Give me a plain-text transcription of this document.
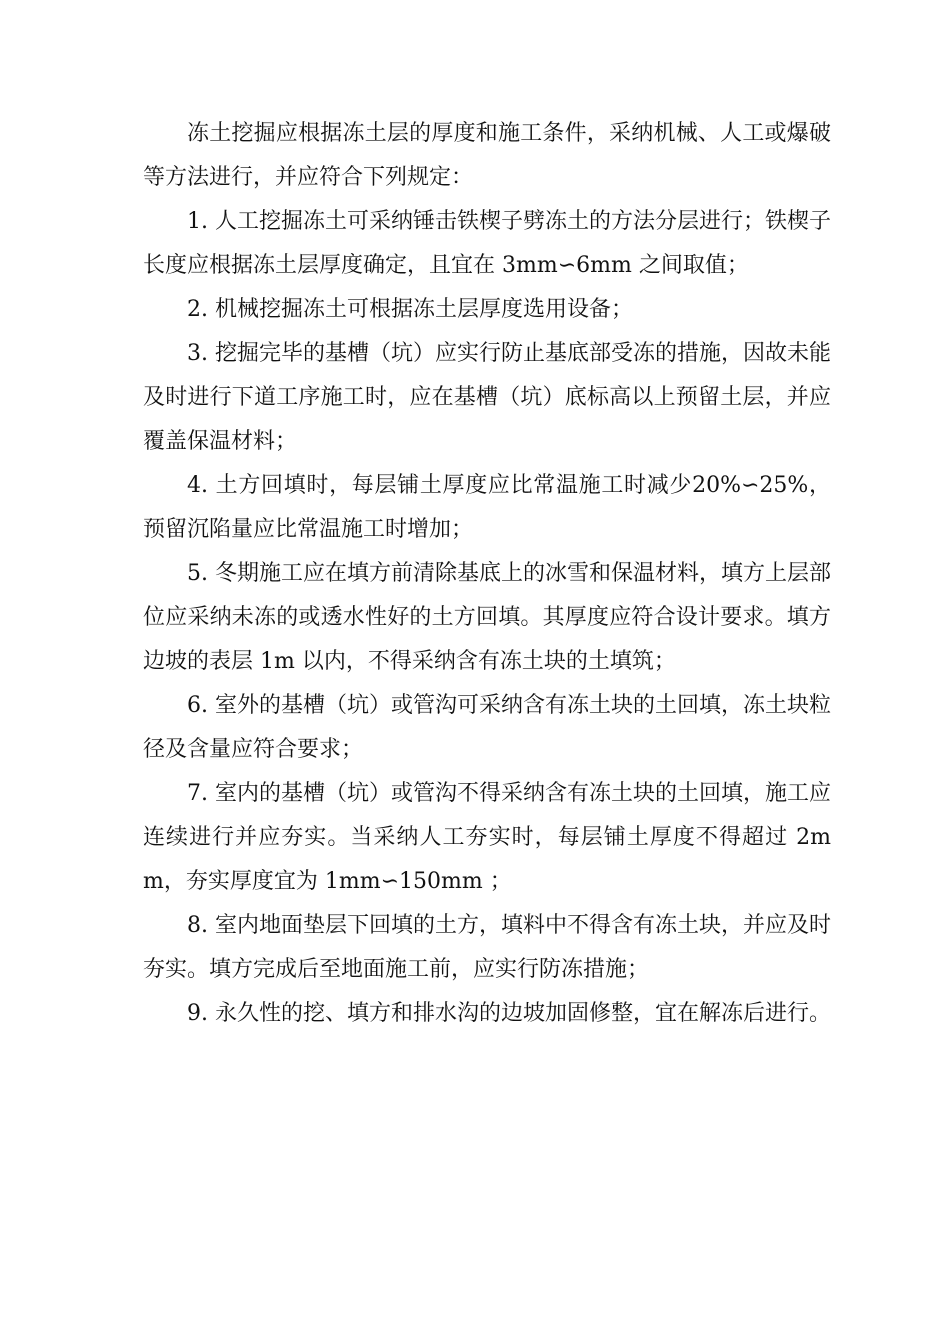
冻土挖掘应根据冻土层的厚度和施工条件，采纳机械、人工或爆破等方法进行，并应符合下列规定：

1. 人工挖掘冻土可采纳锤击铁楔子劈冻土的方法分层进行；铁楔子长度应根据冻土层厚度确定，且宜在 3mm∽6mm 之间取值；

2. 机械挖掘冻土可根据冻土层厚度选用设备；

3. 挖掘完毕的基槽（坑）应实行防止基底部受冻的措施，因故未能及时进行下道工序施工时，应在基槽（坑）底标高以上预留土层，并应覆盖保温材料；

4. 土方回填时，每层铺土厚度应比常温施工时减少20%∽25%，预留沉陷量应比常温施工时增加；

5. 冬期施工应在填方前清除基底上的冰雪和保温材料，填方上层部位应采纳未冻的或透水性好的土方回填。其厚度应符合设计要求。填方边坡的表层 1m 以内，不得采纳含有冻土块的土填筑；

6. 室外的基槽（坑）或管沟可采纳含有冻土块的土回填，冻土块粒径及含量应符合要求；

7. 室内的基槽（坑）或管沟不得采纳含有冻土块的土回填，施工应连续进行并应夯实。当采纳人工夯实时，每层铺土厚度不得超过 2mm，夯实厚度宜为 1mm∽150mm ；

8. 室内地面垫层下回填的土方，填料中不得含有冻土块，并应及时夯实。填方完成后至地面施工前，应实行防冻措施；

9. 永久性的挖、填方和排水沟的边坡加固修整，宜在解冻后进行。
